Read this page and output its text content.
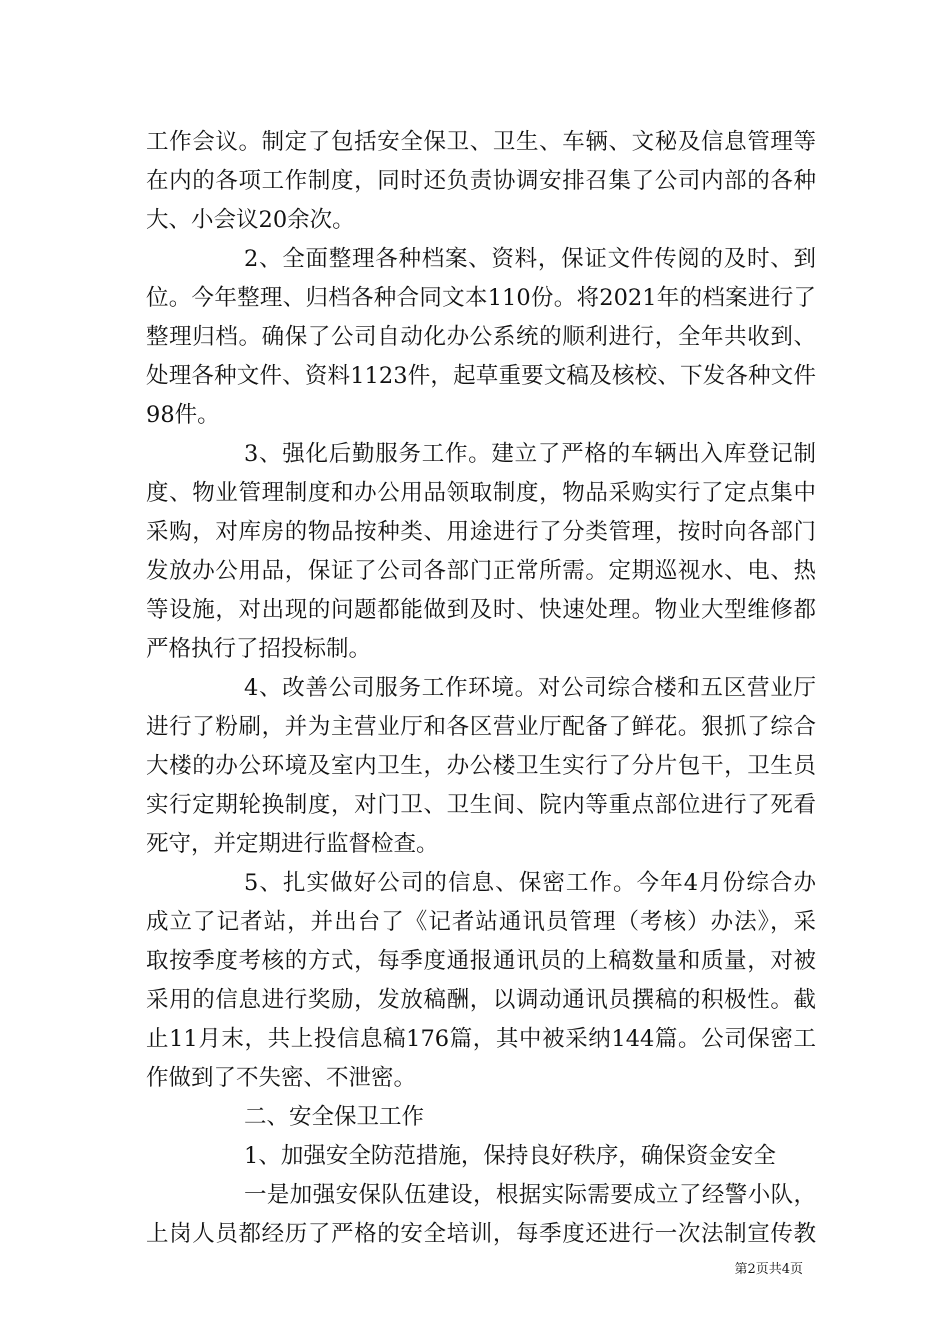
工作会议。制定了包括安全保卫、卫生、车辆、文秘及信息管理等
在内的各项工作制度，同时还负责协调安排召集了公司内部的各种
大、小会议20余次。
2、全面整理各种档案、资料，保证文件传阅的及时、到
位。今年整理、归档各种合同文本110份。将2021年的档案进行了
整理归档。确保了公司自动化办公系统的顺利进行，全年共收到、
处理各种文件、资料1123件，起草重要文稿及核校、下发各种文件
98件。
3、强化后勤服务工作。建立了严格的车辆出入库登记制
度、物业管理制度和办公用品领取制度，物品采购实行了定点集中
采购，对库房的物品按种类、用途进行了分类管理，按时向各部门
发放办公用品，保证了公司各部门正常所需。定期巡视水、电、热
等设施，对出现的问题都能做到及时、快速处理。物业大型维修都
严格执行了招投标制。
4、改善公司服务工作环境。对公司综合楼和五区营业厅
进行了粉刷，并为主营业厅和各区营业厅配备了鲜花。狠抓了综合
大楼的办公环境及室内卫生，办公楼卫生实行了分片包干，卫生员
实行定期轮换制度，对门卫、卫生间、院内等重点部位进行了死看
死守，并定期进行监督检查。
5、扎实做好公司的信息、保密工作。今年4月份综合办
成立了记者站，并出台了《记者站通讯员管理（考核）办法》，采
取按季度考核的方式，每季度通报通讯员的上稿数量和质量，对被
采用的信息进行奖励，发放稿酬，以调动通讯员撰稿的积极性。截
止11月末，共上投信息稿176篇，其中被采纳144篇。公司保密工
作做到了不失密、不泄密。
二、安全保卫工作
1、加强安全防范措施，保持良好秩序，确保资金安全
一是加强安保队伍建设，根据实际需要成立了经警小队，
上岗人员都经历了严格的安全培训，每季度还进行一次法制宣传教
第2页共4页
